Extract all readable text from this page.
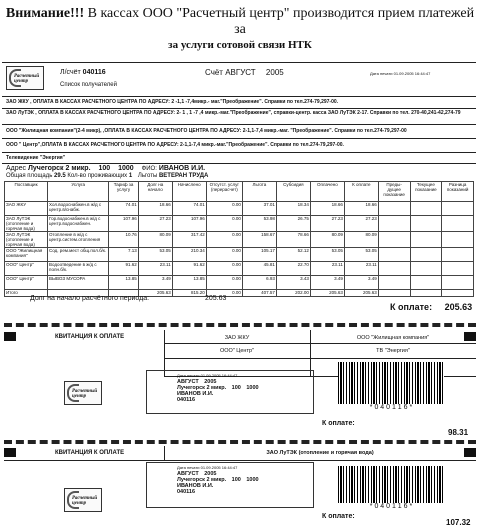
Внимание!!! В кассах ООО "Расчетный центр" производится прием платежей за
за услуги сотовой связи НТК
Расчетный центр
Л/счёт 040116
Список получателей
Счёт АВГУСТ 2005	Дата печати 01.09.2005 16:44:47
ЗАО ЖКУ , ОПЛАТА В КАССАХ РАСЧЕТНОГО ЦЕНТРА ПО АДРЕСУ: 2 -1,1 -7,4микр.- маг."Преображение". Справки по тел.274-79,297-00.
ЗАО ЛуТЭК , ОПЛАТА В КАССАХ РАСЧЕТНОГО ЦЕНТРА ПО АДРЕСУ: 2- 1 , 1 -7 ,4 микр.-маг."Преображение", справки-центр. касса ЗАО ЛуТЭК 2-17. Справки по тел. 270-40,241-42,274-79
ООО "Жилищная компания"(2-4 микр), ,ОПЛАТА В КАССАХ РАСЧЕТНОГО ЦЕНТРА ПО АДРЕСУ: 2-1,1-7,4 микр.-маг. "Преображение". Справки по тел.274-79,297-00
ООО " Центр",ОПЛАТА В КАССАХ РАСЧЕТНОГО ЦЕНТРА ПО АДРЕСУ: 2-1,1-7,4 микр.-маг."Преображение". Справки по тел.274-79,297-00.
Телевидение "Энергия"
Адрес Лучегорск 2 микр. 100 1000 ФИО: ИВАНОВ И.И.
Общая площадь 29.5 Кол-во проживающих 1 Льготы ВЕТЕРАН ТРУДА
Поставщик	Услуга	Тариф за услугу	Долг на начало	Начислено	Отсутст. услуг (перерасчет)	Льгота	Субсидия	Оплачено	К оплате	Преды-дущее показание	Текущее показание	Разница показаний
ЗАО ЖКУ	Хол.водоснабжен.в ж/д с центр.в/снабж.	74.01	18.66	74.01	0.00	37.01	18.34	18.66	18.66			
ЗАО ЛуТЭК (отопление и горячая вода)	Гор.водоснабжен.в ж/д с центр.водоснабжен.	107.96	27.23	107.96	0.00	53.98	26.75	27.23	27.23			
ЗАО ЛуТЭК (отопление и горячая вода)	Отопление в ж/д с центр.систем.отопления	10.76	80.09	317.42	0.00	158.67	78.66	80.09	80.09			
ООО "Жилищная компания"	Сод. рем.мест общ.пол.б/к.	7.13	53.05	210.34	0.00	105.17	52.12	53.05	53.05			
ООО" Центр"	Водоотведение в ж/д с полн.б/к.	91.62	23.11	91.62	0.00	45.81	22.70	23.11	23.11			
ООО" Центр"	ВЫВОЗ МУСОРА	13.85	3.49	13.85	0.00	6.93	3.43	3.49	3.49			
Итого			205.63	815.20	0.00	407.57	202.00	205.63	205.63			
Долг на начало расчётного периода:	205.63
К оплате: 205.63
КВИТАНЦИЯ К ОПЛАТЕ	ЗАО ЖКУ	ООО "Жилищная компания"
ООО" Центр"	ТВ "Энергия"
Расчетный центр
Дата печати 01.09.2005 16:44:47
АВГУСТ 2005
Лучегорск 2 микр. 100 1000
ИВАНОВ И.И.
040116
* 0 4 0 1 1 6 *
К оплате:
98.31
КВИТАНЦИЯ К ОПЛАТЕ	ЗАО ЛуТЭК (отопление и горячая вода)
Расчетный центр
Дата печати 01.09.2005 16:44:47
АВГУСТ 2005
Лучегорск 2 микр. 100 1000
ИВАНОВ И.И.
040116
* 0 4 0 1 1 6 *
К оплате:
107.32
